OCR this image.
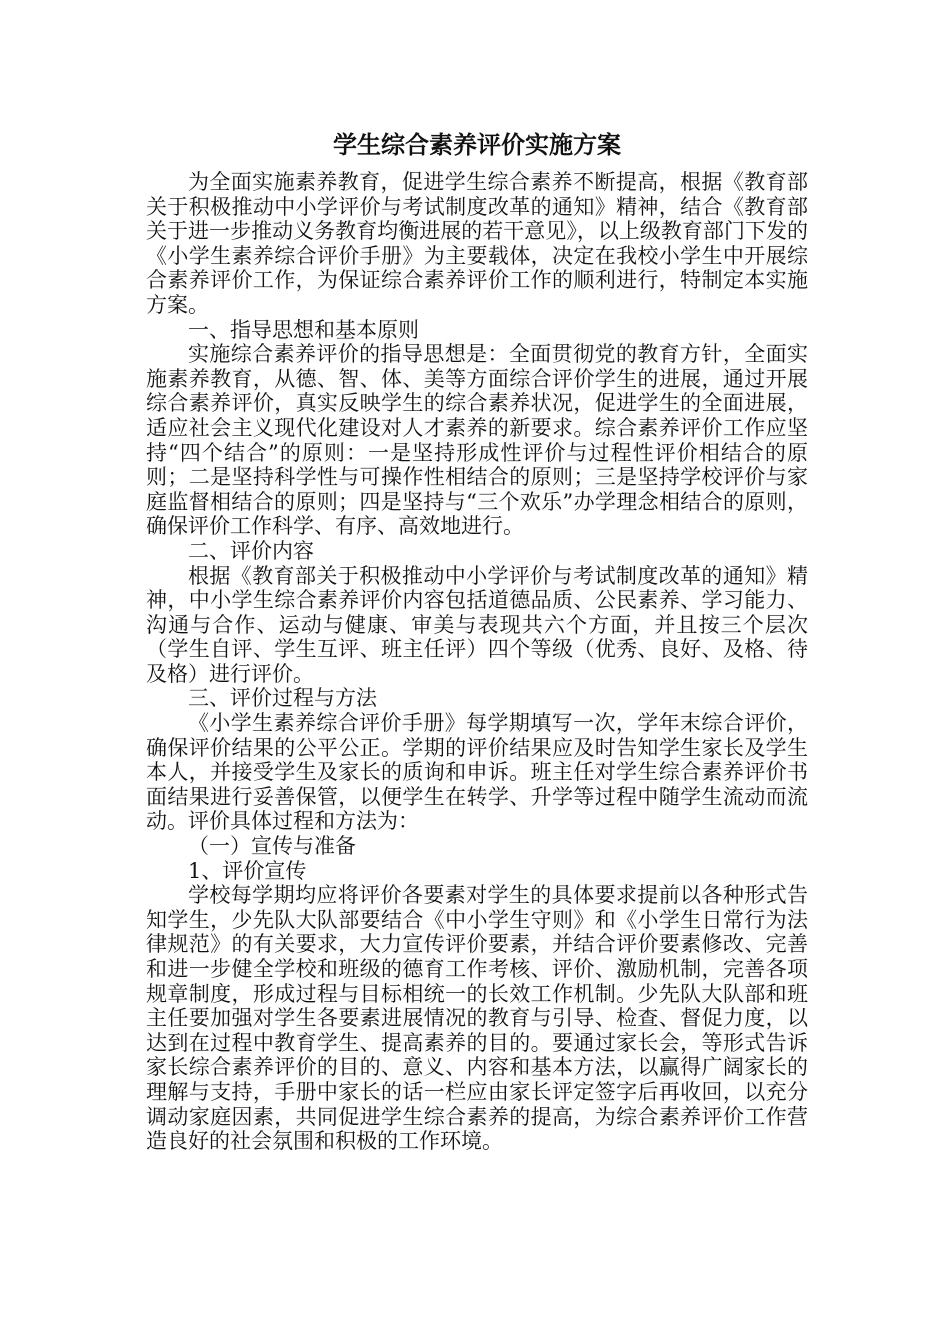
学生综合素养评价实施方案

为全面实施素养教育，促进学生综合素养不断提高，根据《教育部关于积极推动中小学评价与考试制度改革的通知》精神，结合《教育部关于进一步推动义务教育均衡进展的若干意见》，以上级教育部门下发的《小学生素养综合评价手册》为主要载体，决定在我校小学生中开展综合素养评价工作，为保证综合素养评价工作的顺利进行，特制定本实施方案。

一、指导思想和基本原则

实施综合素养评价的指导思想是：全面贯彻党的教育方针，全面实施素养教育，从德、智、体、美等方面综合评价学生的进展，通过开展综合素养评价，真实反映学生的综合素养状况，促进学生的全面进展，适应社会主义现代化建设对人才素养的新要求。综合素养评价工作应坚持“四个结合”的原则：一是坚持形成性评价与过程性评价相结合的原则；二是坚持科学性与可操作性相结合的原则；三是坚持学校评价与家庭监督相结合的原则；四是坚持与“三个欢乐”办学理念相结合的原则，确保评价工作科学、有序、高效地进行。

二、评价内容

根据《教育部关于积极推动中小学评价与考试制度改革的通知》精神，中小学生综合素养评价内容包括道德品质、公民素养、学习能力、沟通与合作、运动与健康、审美与表现共六个方面，并且按三个层次（学生自评、学生互评、班主任评）四个等级（优秀、良好、及格、待及格）进行评价。

三、评价过程与方法

《小学生素养综合评价手册》每学期填写一次，学年末综合评价，确保评价结果的公平公正。学期的评价结果应及时告知学生家长及学生本人，并接受学生及家长的质询和申诉。班主任对学生综合素养评价书面结果进行妥善保管，以便学生在转学、升学等过程中随学生流动而流动。评价具体过程和方法为：

（一）宣传与准备

1、评价宣传

学校每学期均应将评价各要素对学生的具体要求提前以各种形式告知学生，少先队大队部要结合《中小学生守则》和《小学生日常行为法律规范》的有关要求，大力宣传评价要素，并结合评价要素修改、完善和进一步健全学校和班级的德育工作考核、评价、激励机制，完善各项规章制度，形成过程与目标相统一的长效工作机制。少先队大队部和班主任要加强对学生各要素进展情况的教育与引导、检查、督促力度，以达到在过程中教育学生、提高素养的目的。要通过家长会，等形式告诉家长综合素养评价的目的、意义、内容和基本方法，以赢得广阔家长的理解与支持，手册中家长的话一栏应由家长评定签字后再收回，以充分调动家庭因素，共同促进学生综合素养的提高，为综合素养评价工作营造良好的社会氛围和积极的工作环境。
